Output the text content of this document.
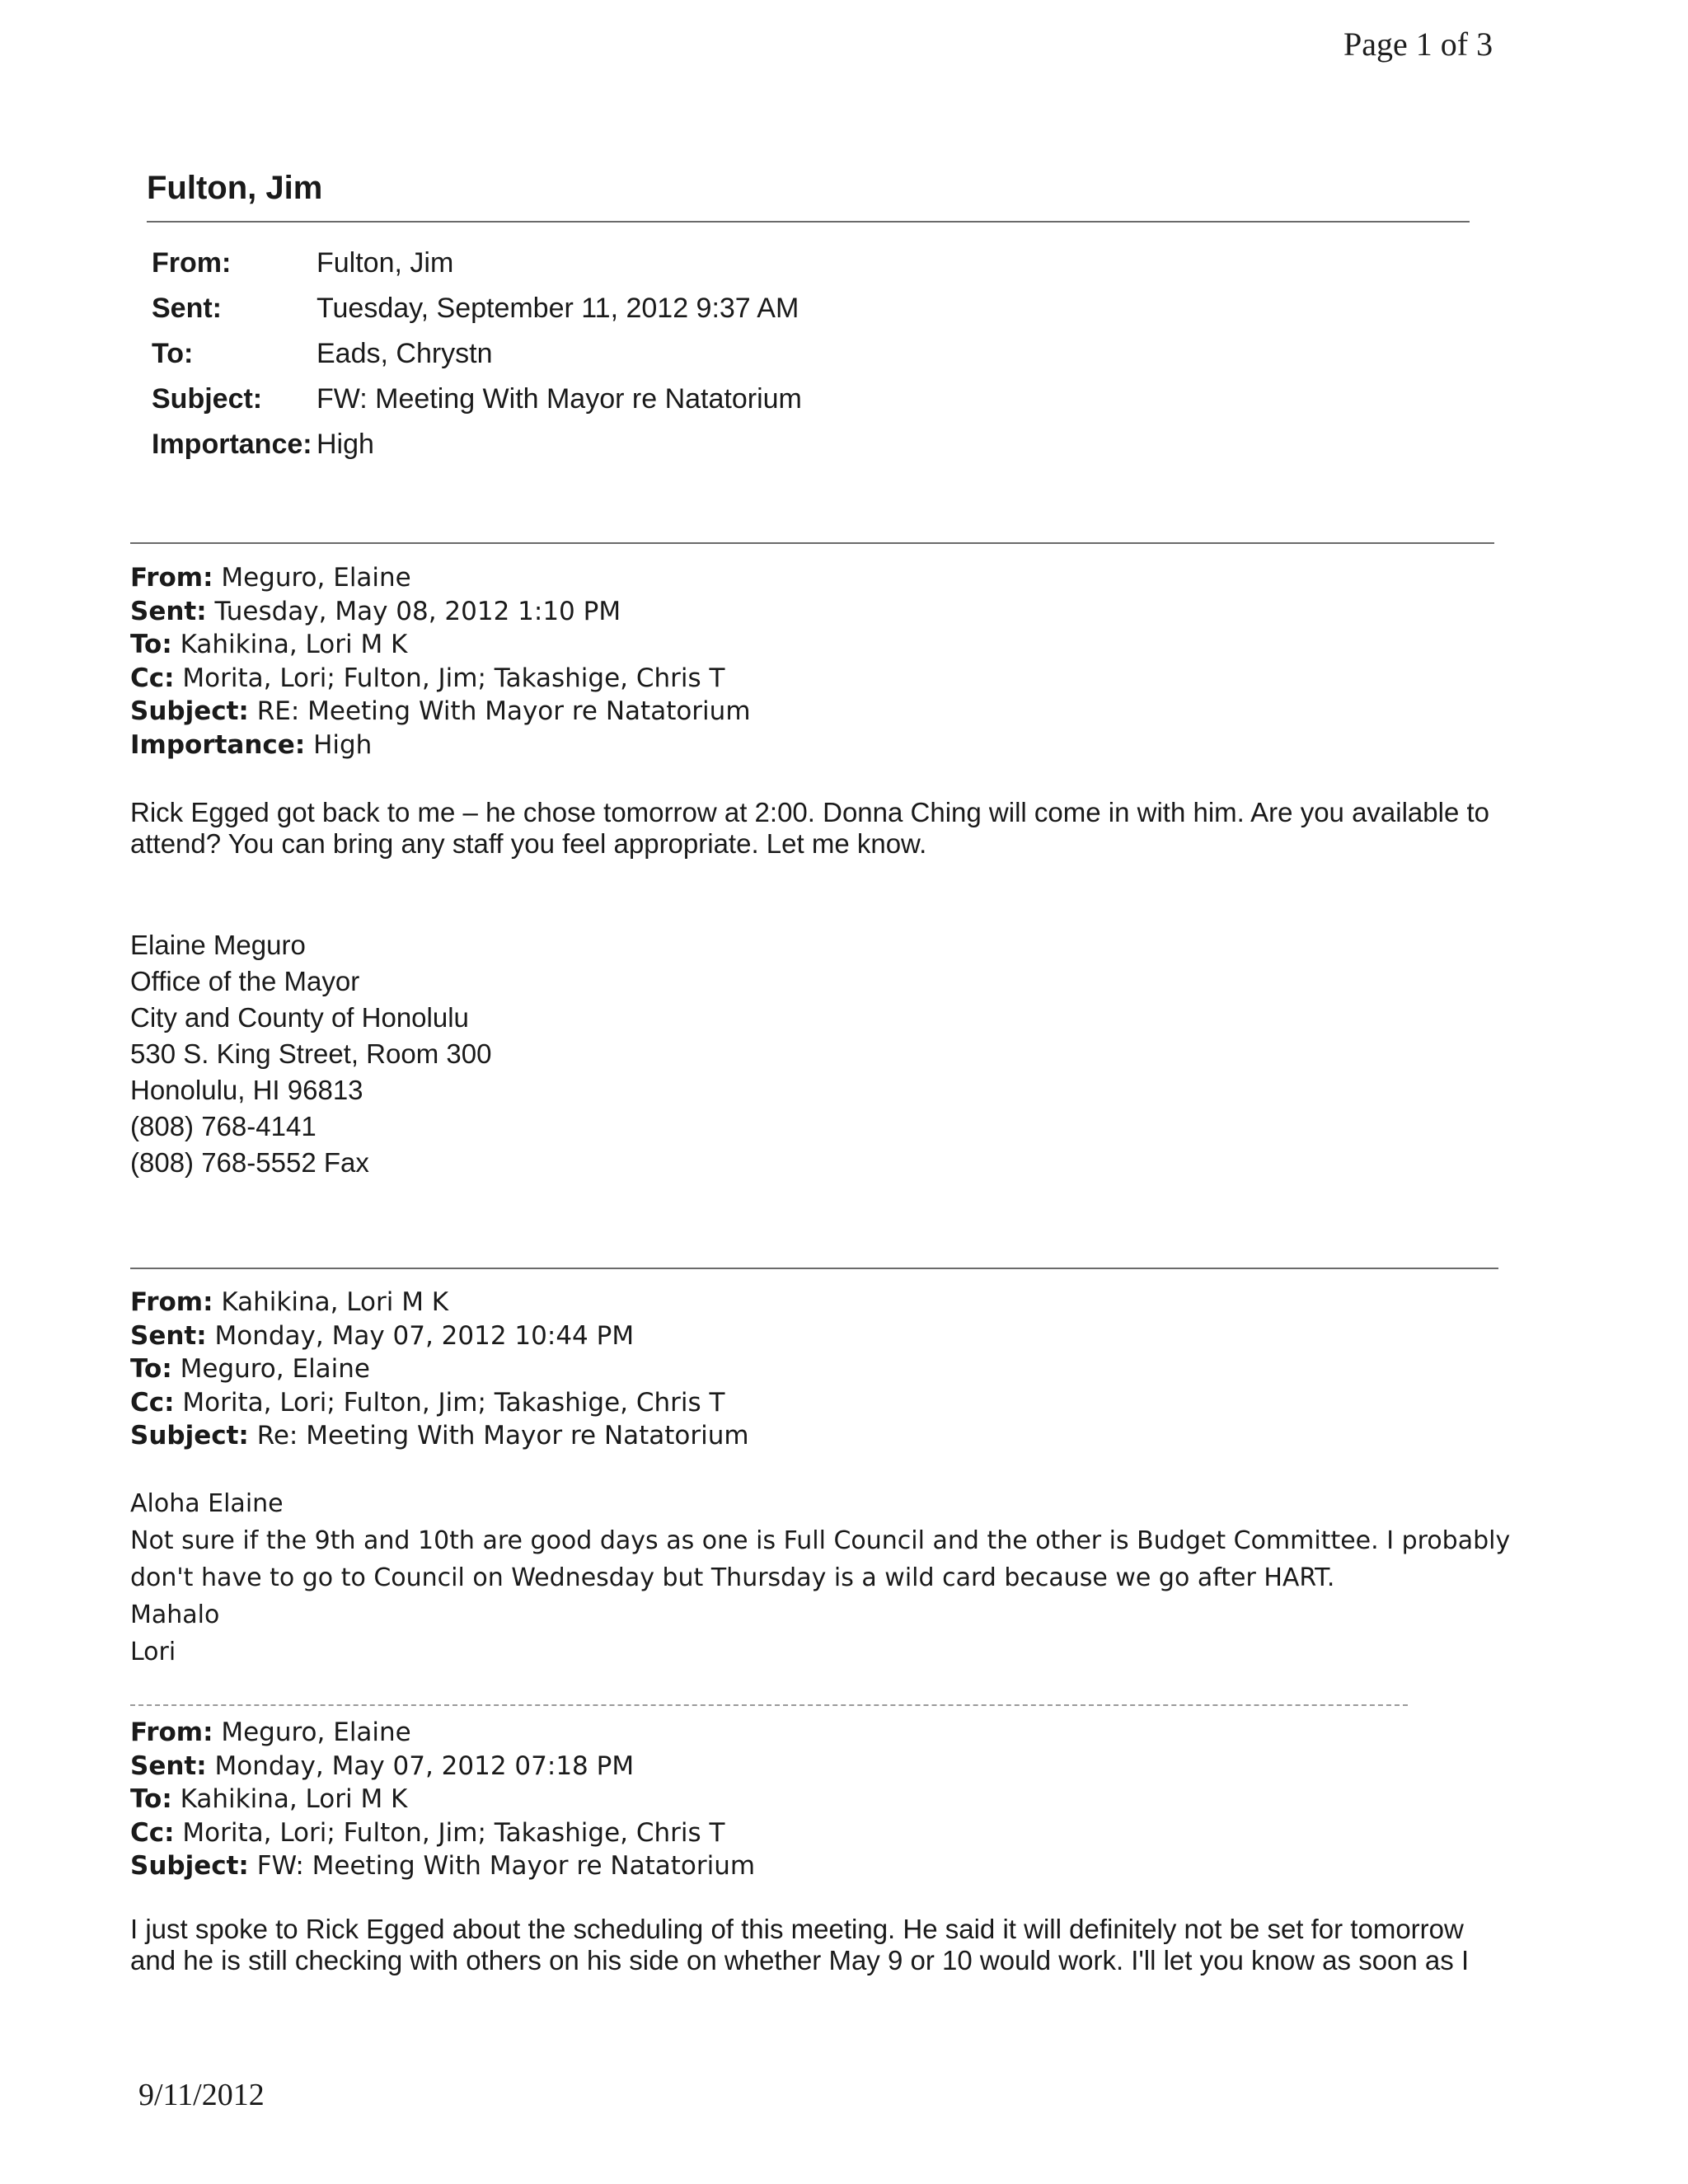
Page 1 of 3
Fulton, Jim
From:	Fulton, Jim
Sent:	Tuesday, September 11, 2012 9:37 AM
To:	Eads, Chrystn
Subject:	FW: Meeting With Mayor re Natatorium
Importance: High
From: Meguro, Elaine
Sent: Tuesday, May 08, 2012 1:10 PM
To: Kahikina, Lori M K
Cc: Morita, Lori; Fulton, Jim; Takashige, Chris T
Subject: RE: Meeting With Mayor re Natatorium
Importance: High
Rick Egged got back to me – he chose tomorrow at 2:00. Donna Ching will come in with him. Are you available to attend? You can bring any staff you feel appropriate. Let me know.
Elaine Meguro
Office of the Mayor
City and County of Honolulu
530 S. King Street, Room 300
Honolulu, HI 96813
(808) 768-4141
(808) 768-5552 Fax
From: Kahikina, Lori M K
Sent: Monday, May 07, 2012 10:44 PM
To: Meguro, Elaine
Cc: Morita, Lori; Fulton, Jim; Takashige, Chris T
Subject: Re: Meeting With Mayor re Natatorium
Aloha Elaine
Not sure if the 9th and 10th are good days as one is Full Council and the other is Budget Committee. I probably
don't have to go to Council on Wednesday but Thursday is a wild card because we go after HART.
Mahalo
Lori
From: Meguro, Elaine
Sent: Monday, May 07, 2012 07:18 PM
To: Kahikina, Lori M K
Cc: Morita, Lori; Fulton, Jim; Takashige, Chris T
Subject: FW: Meeting With Mayor re Natatorium
I just spoke to Rick Egged about the scheduling of this meeting. He said it will definitely not be set for tomorrow and he is still checking with others on his side on whether May 9 or 10 would work. I'll let you know as soon as I
9/11/2012
